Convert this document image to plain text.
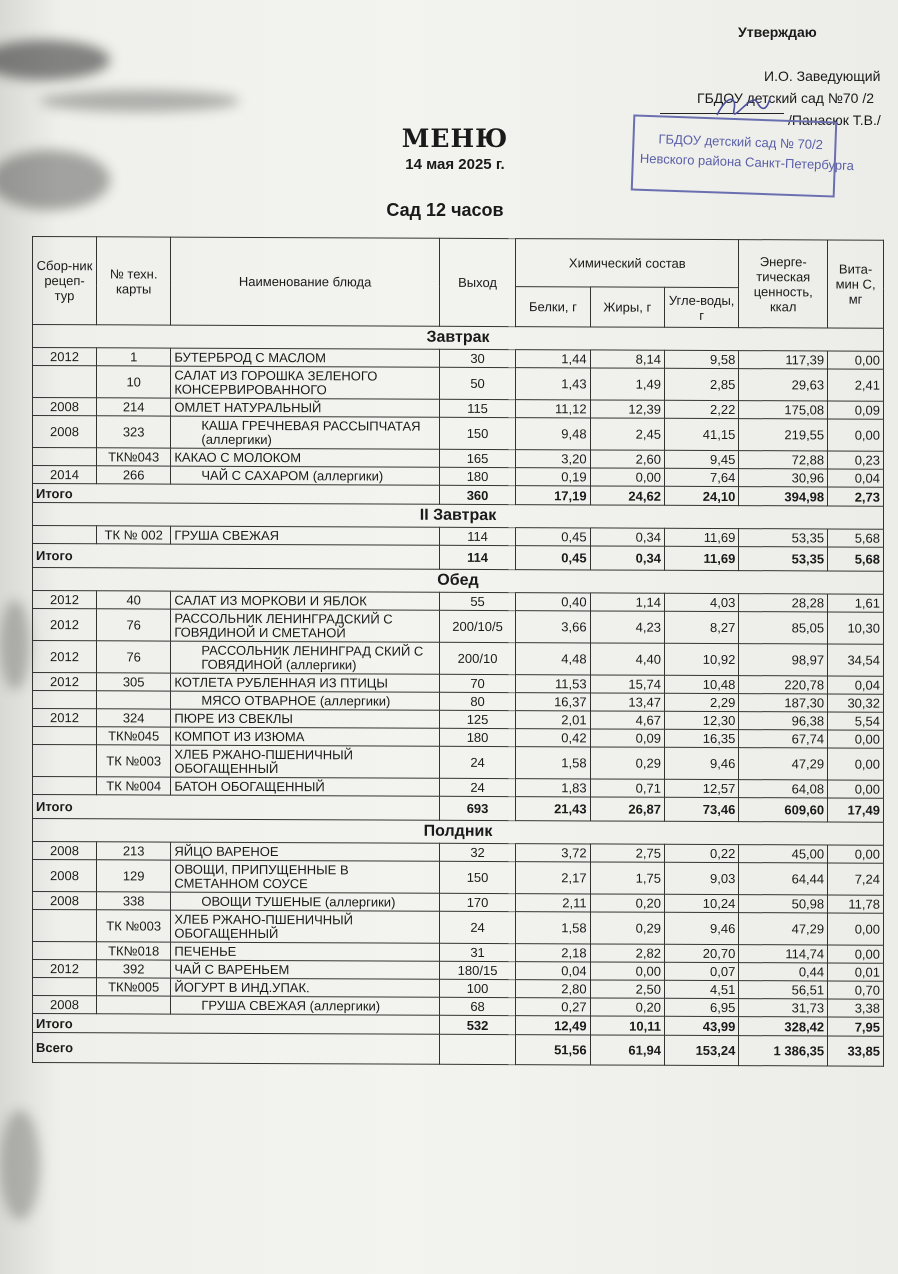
Утверждаю
И.О. Заведующий
ГБДОУ детский сад №70 /2
/Панасюк Т.В./
ГБДОУ детский сад № 70/2
Невского района Санкт-Петербурга
МЕНЮ
14 мая 2025 г.
Сад 12 часов
Сбор-ник рецеп-тур	№ техн. карты	Наименование блюда	Выход	Химический состав			Энерге-тическая ценность, ккал	Вита-мин С, мг
				Белки, г	Жиры, г	Угле-воды, г		
Завтрак								
2012	1	БУТЕРБРОД С МАСЛОМ	30	1,44	8,14	9,58	117,39	0,00
	10	САЛАТ ИЗ ГОРОШКА ЗЕЛЕНОГО КОНСЕРВИРОВАННОГО	50	1,43	1,49	2,85	29,63	2,41
2008	214	ОМЛЕТ НАТУРАЛЬНЫЙ	115	11,12	12,39	2,22	175,08	0,09
2008	323	КАША ГРЕЧНЕВАЯ РАССЫПЧАТАЯ (аллергики)	150	9,48	2,45	41,15	219,55	0,00
	ТК№043	КАКАО С МОЛОКОМ	165	3,20	2,60	9,45	72,88	0,23
2014	266	ЧАЙ С САХАРОМ (аллергики)	180	0,19	0,00	7,64	30,96	0,04
Итого			360	17,19	24,62	24,10	394,98	2,73
II Завтрак								
	ТК № 002	ГРУША СВЕЖАЯ	114	0,45	0,34	11,69	53,35	5,68
Итого			114	0,45	0,34	11,69	53,35	5,68
Обед								
2012	40	САЛАТ ИЗ МОРКОВИ И ЯБЛОК	55	0,40	1,14	4,03	28,28	1,61
2012	76	РАССОЛЬНИК ЛЕНИНГРАДСКИЙ С ГОВЯДИНОЙ И СМЕТАНОЙ	200/10/5	3,66	4,23	8,27	85,05	10,30
2012	76	РАССОЛЬНИК ЛЕНИНГРАД СКИЙ С ГОВЯДИНОЙ (аллергики)	200/10	4,48	4,40	10,92	98,97	34,54
2012	305	КОТЛЕТА РУБЛЕННАЯ ИЗ ПТИЦЫ	70	11,53	15,74	10,48	220,78	0,04
		МЯСО ОТВАРНОЕ (аллергики)	80	16,37	13,47	2,29	187,30	30,32
2012	324	ПЮРЕ ИЗ СВЕКЛЫ	125	2,01	4,67	12,30	96,38	5,54
	ТК№045	КОМПОТ ИЗ ИЗЮМА	180	0,42	0,09	16,35	67,74	0,00
	ТК №003	ХЛЕБ РЖАНО-ПШЕНИЧНЫЙ ОБОГАЩЕННЫЙ	24	1,58	0,29	9,46	47,29	0,00
	ТК №004	БАТОН ОБОГАЩЕННЫЙ	24	1,83	0,71	12,57	64,08	0,00
Итого			693	21,43	26,87	73,46	609,60	17,49
Полдник								
2008	213	ЯЙЦО ВАРЕНОЕ	32	3,72	2,75	0,22	45,00	0,00
2008	129	ОВОЩИ, ПРИПУЩЕННЫЕ В СМЕТАННОМ СОУСЕ	150	2,17	1,75	9,03	64,44	7,24
2008	338	ОВОЩИ ТУШЕНЫЕ (аллергики)	170	2,11	0,20	10,24	50,98	11,78
	ТК №003	ХЛЕБ РЖАНО-ПШЕНИЧНЫЙ ОБОГАЩЕННЫЙ	24	1,58	0,29	9,46	47,29	0,00
	ТК№018	ПЕЧЕНЬЕ	31	2,18	2,82	20,70	114,74	0,00
2012	392	ЧАЙ С ВАРЕНЬЕМ	180/15	0,04	0,00	0,07	0,44	0,01
	ТК№005	ЙОГУРТ В ИНД.УПАК.	100	2,80	2,50	4,51	56,51	0,70
2008		ГРУША СВЕЖАЯ (аллергики)	68	0,27	0,20	6,95	31,73	3,38
Итого			532	12,49	10,11	43,99	328,42	7,95
Всего				51,56	61,94	153,24	1 386,35	33,85
